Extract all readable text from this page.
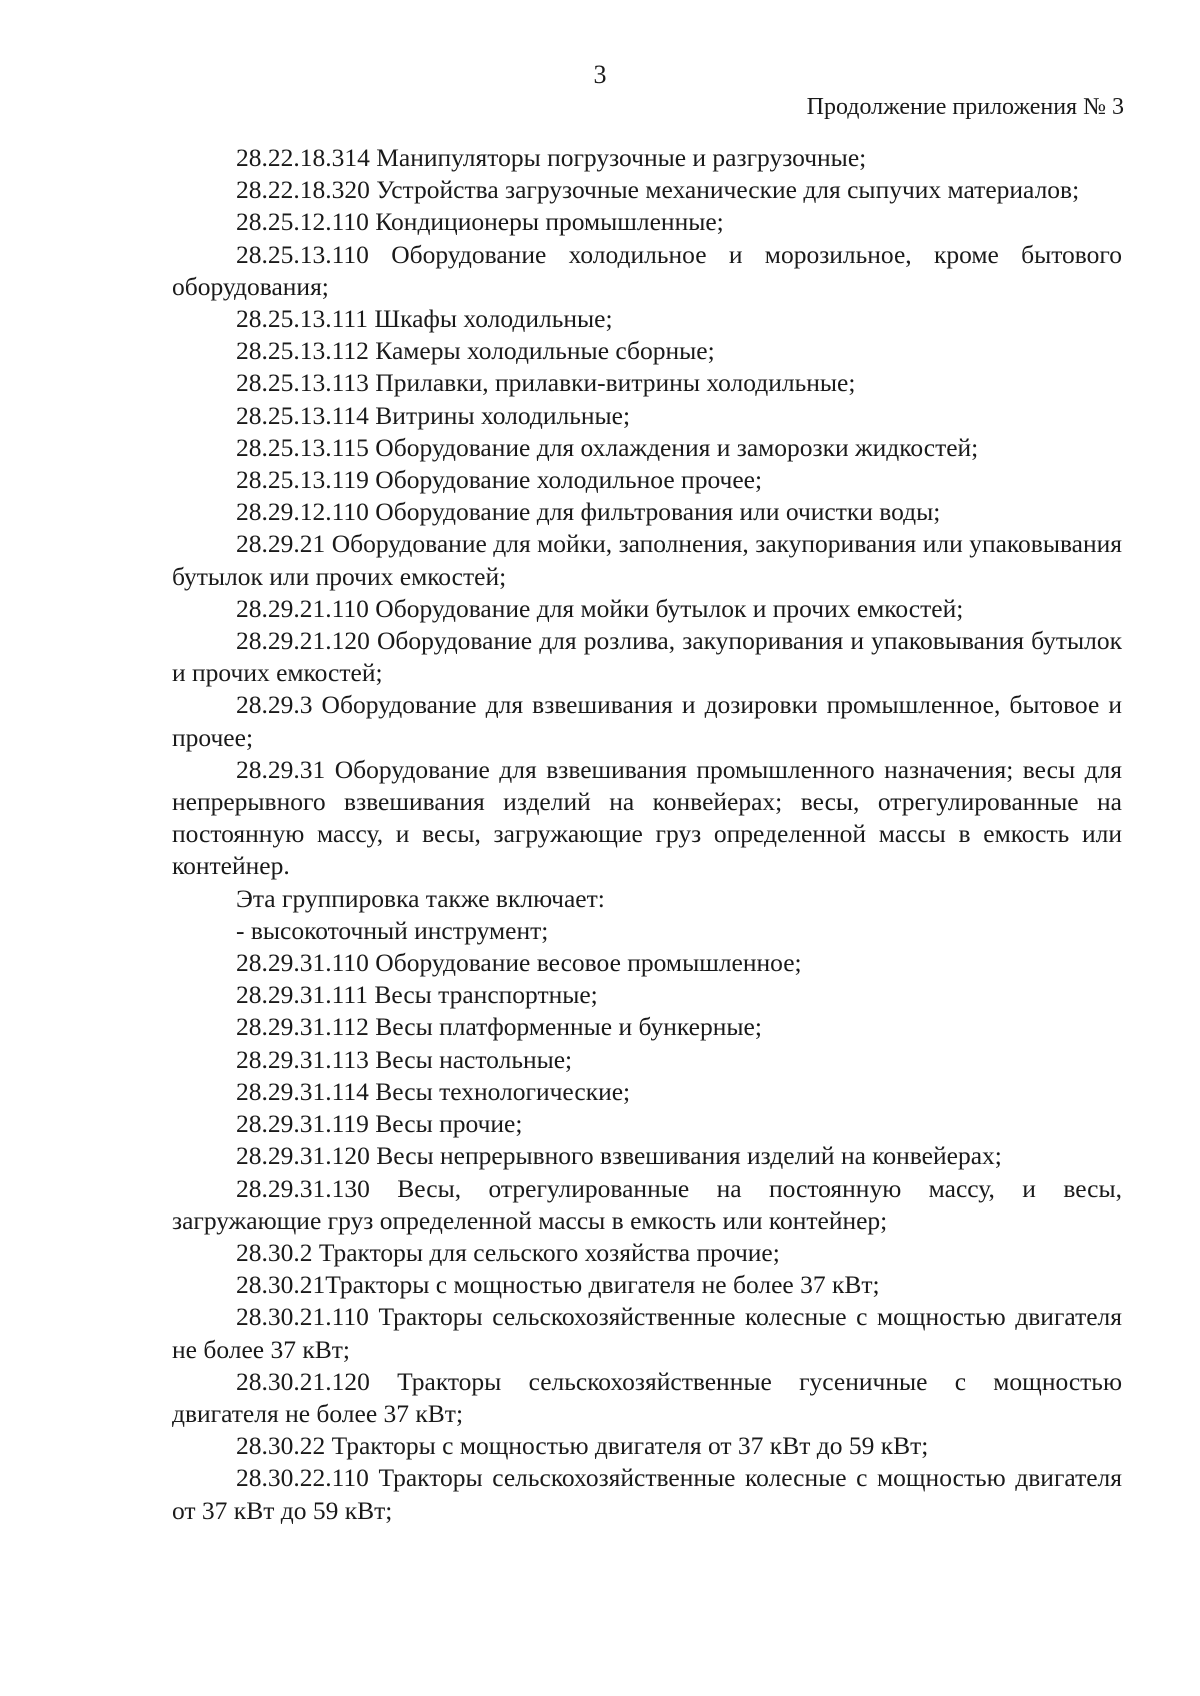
3
Продолжение приложения № 3

28.22.18.314 Манипуляторы погрузочные и разгрузочные;

28.22.18.320 Устройства загрузочные механические для сыпучих материалов;

28.25.12.110 Кондиционеры промышленные;

28.25.13.110 Оборудование холодильное и морозильное, кроме бытового оборудования;

28.25.13.111 Шкафы холодильные;

28.25.13.112 Камеры холодильные сборные;

28.25.13.113 Прилавки, прилавки-витрины холодильные;

28.25.13.114 Витрины холодильные;

28.25.13.115 Оборудование для охлаждения и заморозки жидкостей;

28.25.13.119 Оборудование холодильное прочее;

28.29.12.110 Оборудование для фильтрования или очистки воды;

28.29.21 Оборудование для мойки, заполнения, закупоривания или упаковывания бутылок или прочих емкостей;

28.29.21.110 Оборудование для мойки бутылок и прочих емкостей;

28.29.21.120 Оборудование для розлива, закупоривания и упаковывания бутылок и прочих емкостей;

28.29.3 Оборудование для взвешивания и дозировки промышленное, бытовое и прочее;

28.29.31 Оборудование для взвешивания промышленного назначения; весы для непрерывного взвешивания изделий на конвейерах; весы, отрегулированные на постоянную массу, и весы, загружающие груз определенной массы в емкость или контейнер.

Эта группировка также включает:

- высокоточный инструмент;

28.29.31.110 Оборудование весовое промышленное;

28.29.31.111 Весы транспортные;

28.29.31.112 Весы платформенные и бункерные;

28.29.31.113 Весы настольные;

28.29.31.114 Весы технологические;

28.29.31.119 Весы прочие;

28.29.31.120 Весы непрерывного взвешивания изделий на конвейерах;

28.29.31.130 Весы, отрегулированные на постоянную массу, и весы, загружающие груз определенной массы в емкость или контейнер;

28.30.2 Тракторы для сельского хозяйства прочие;

28.30.21Тракторы с мощностью двигателя не более 37 кВт;

28.30.21.110 Тракторы сельскохозяйственные колесные с мощностью двигателя не более 37 кВт;

28.30.21.120 Тракторы сельскохозяйственные гусеничные с мощностью двигателя не более 37 кВт;

28.30.22 Тракторы с мощностью двигателя от 37 кВт до 59 кВт;

28.30.22.110 Тракторы сельскохозяйственные колесные с мощностью двигателя от 37 кВт до 59 кВт;
